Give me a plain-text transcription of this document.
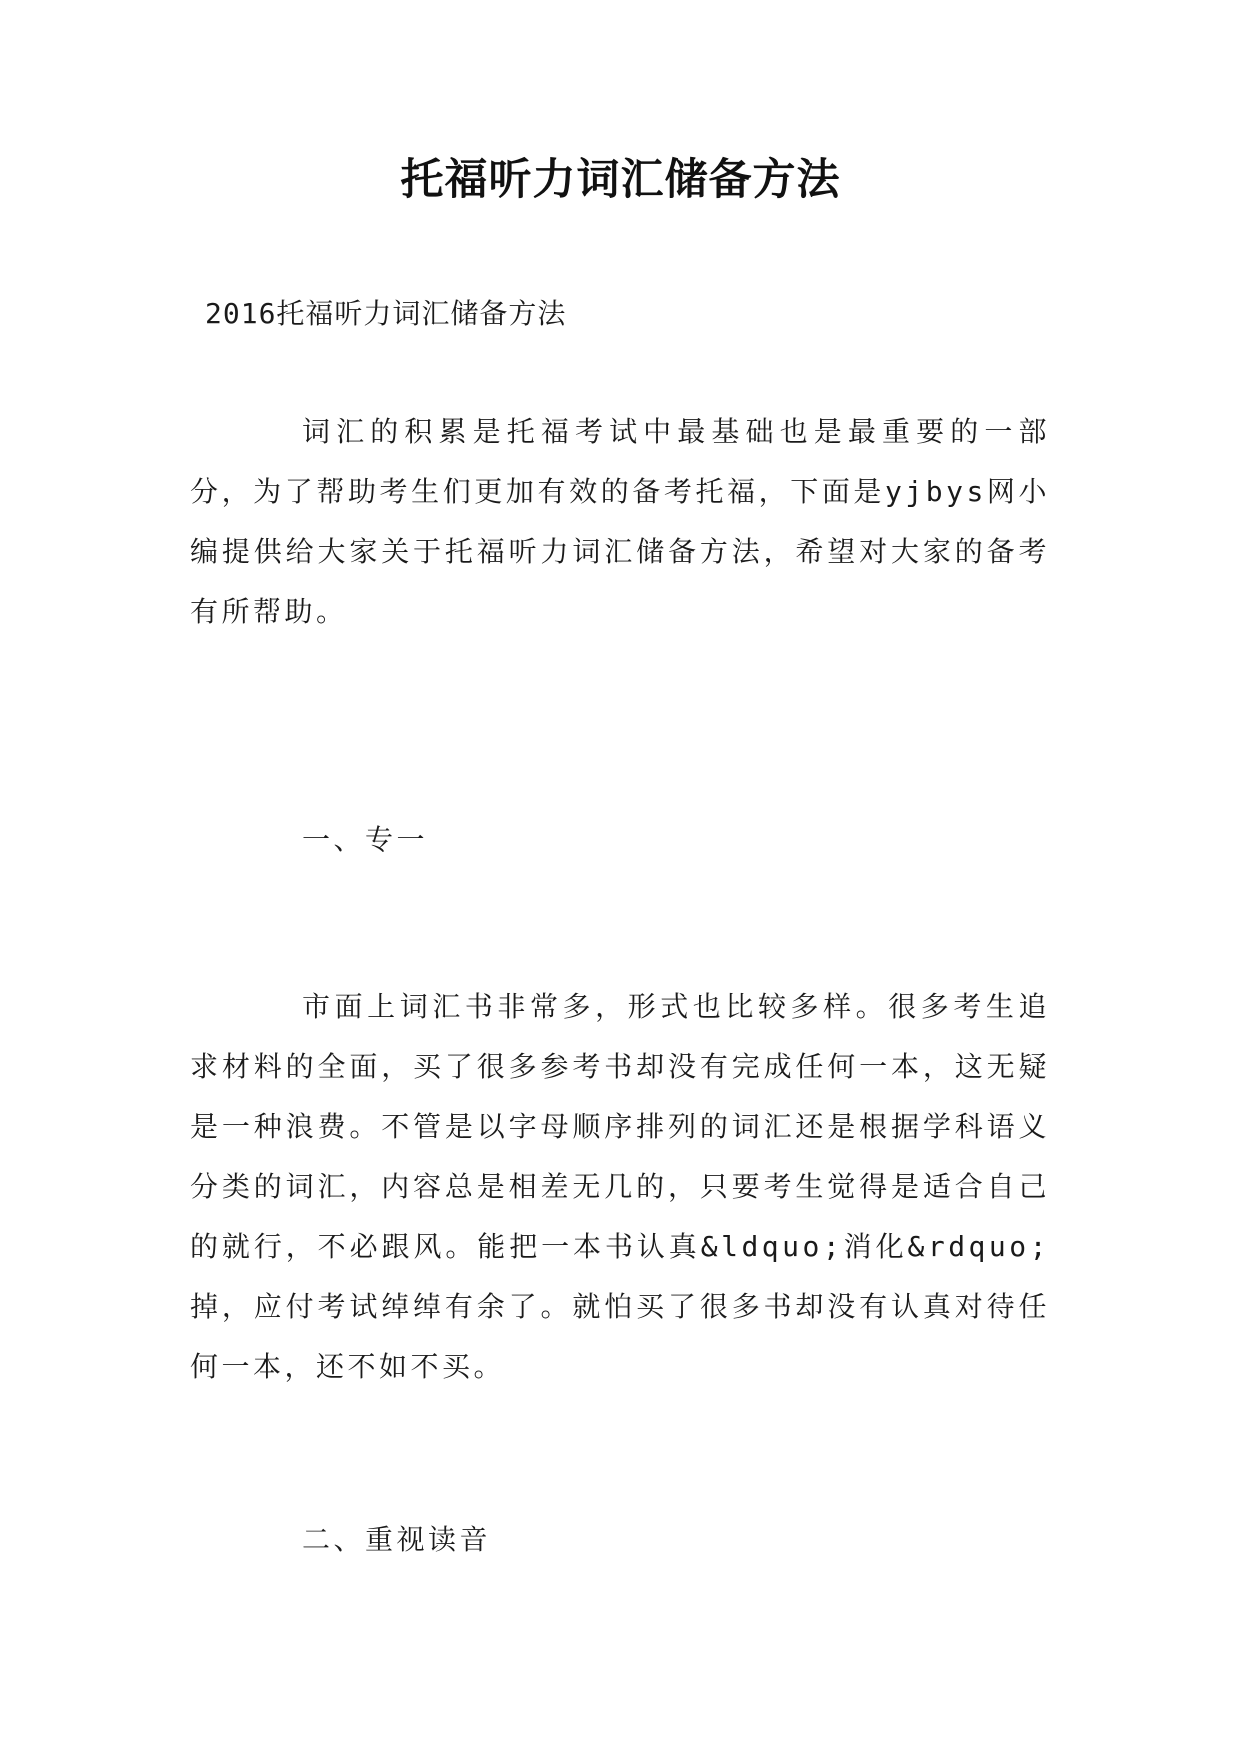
托福听力词汇储备方法
2016托福听力词汇储备方法

词汇的积累是托福考试中最基础也是最重要的一部分，为了帮助考生们更加有效的备考托福，下面是yjbys网小编提供给大家关于托福听力词汇储备方法，希望对大家的备考有所帮助。

一、专一

市面上词汇书非常多，形式也比较多样。很多考生追求材料的全面，买了很多参考书却没有完成任何一本，这无疑是一种浪费。不管是以字母顺序排列的词汇还是根据学科语义分类的词汇，内容总是相差无几的，只要考生觉得是适合自己的就行，不必跟风。能把一本书认真&ldquo;消化&rdquo;掉，应付考试绰绰有余了。就怕买了很多书却没有认真对待任何一本，还不如不买。

二、重视读音
